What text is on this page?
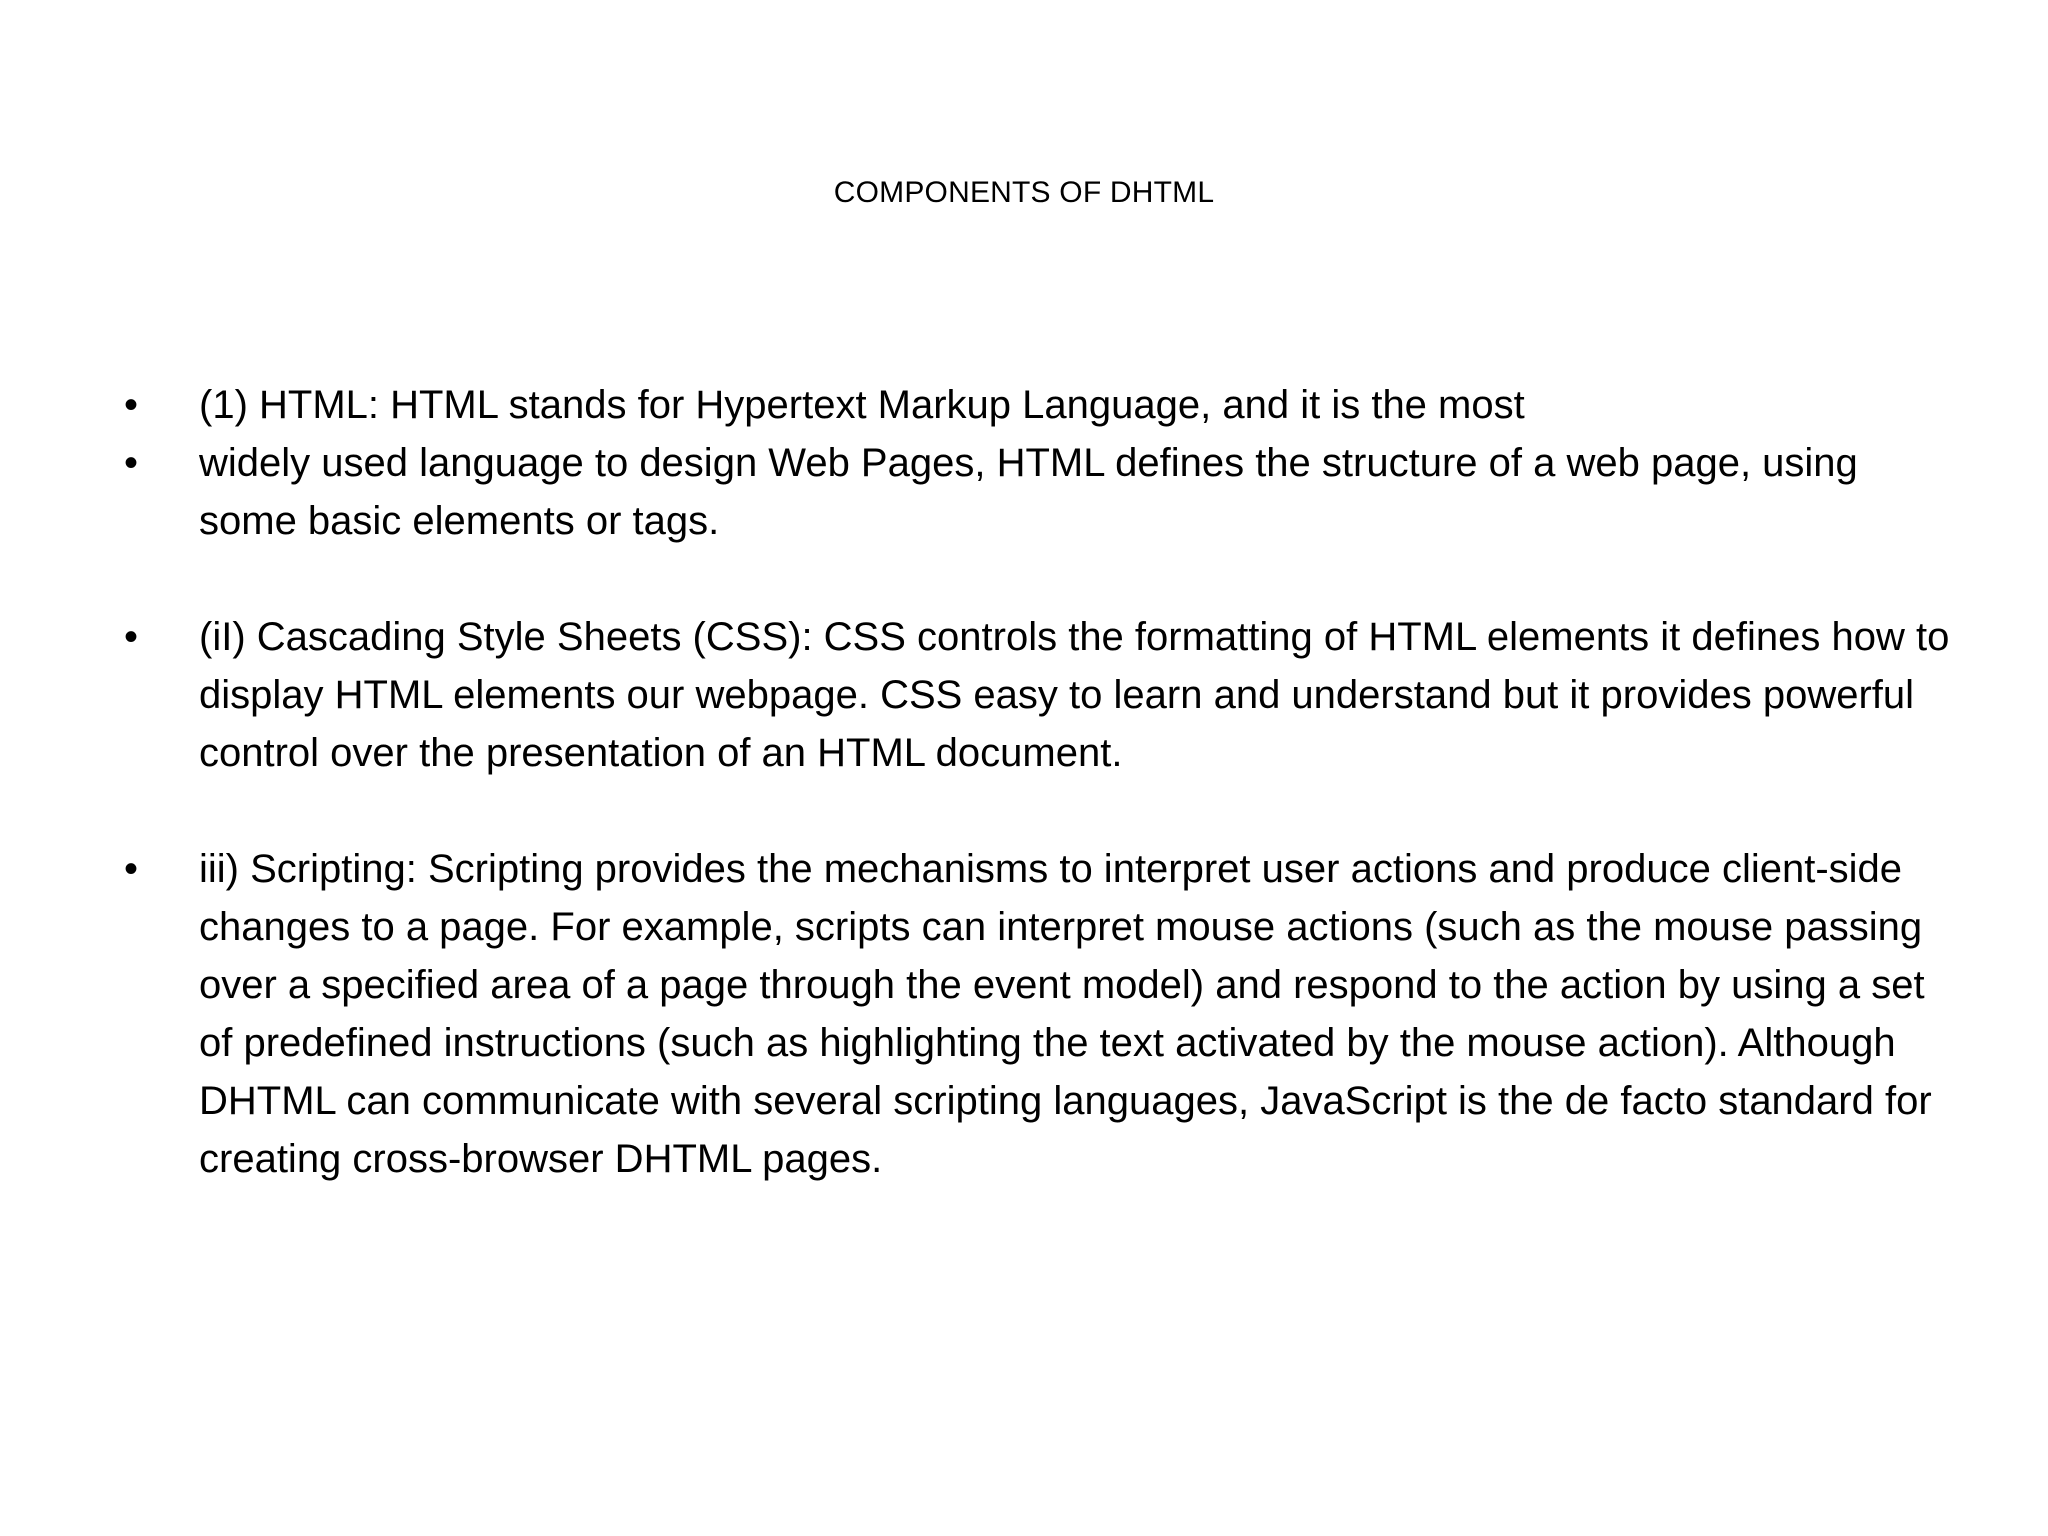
COMPONENTS OF DHTML
• (1) HTML: HTML stands for Hypertext Markup Language, and it is the most
• widely used language to design Web Pages, HTML defines the structure of a web page, using some basic elements or tags.
• (iI) Cascading Style Sheets (CSS): CSS controls the formatting of HTML elements it defines how to display HTML elements our webpage. CSS easy to learn and understand but it provides powerful control over the presentation of an HTML document.
• iii) Scripting: Scripting provides the mechanisms to interpret user actions and produce client-side changes to a page. For example, scripts can interpret mouse actions (such as the mouse passing over a specified area of a page through the event model) and respond to the action by using a set of predefined instructions (such as highlighting the text activated by the mouse action). Although DHTML can communicate with several scripting languages, JavaScript is the de facto standard for creating cross-browser DHTML pages.
